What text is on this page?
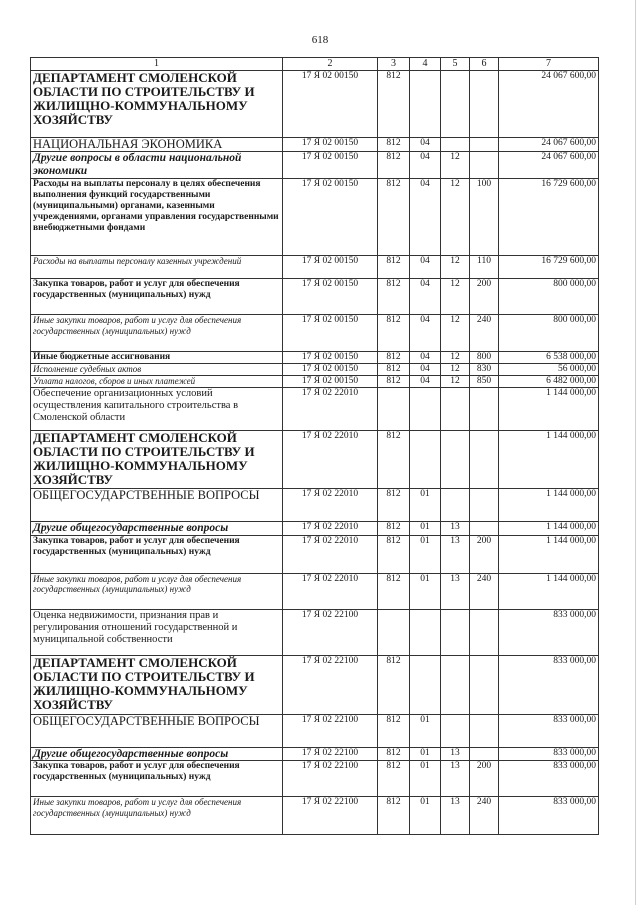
618
1	2	3	4	5	6	7
ДЕПАРТАМЕНТ СМОЛЕНСКОЙ ОБЛАСТИ ПО СТРОИТЕЛЬСТВУ И ЖИЛИЩНО-КОММУНАЛЬНОМУ ХОЗЯЙСТВУ	17 Я 02 00150	812				24 067 600,00
НАЦИОНАЛЬНАЯ ЭКОНОМИКА	17 Я 02 00150	812	04			24 067 600,00
Другие вопросы в области национальной экономики	17 Я 02 00150	812	04	12		24 067 600,00
Расходы на выплаты персоналу в целях обеспечения выполнения функций государственными (муниципальными) органами, казенными учреждениями, органами управления государственными внебюджетными фондами	17 Я 02 00150	812	04	12	100	16 729 600,00
Расходы на выплаты персоналу казенных учреждений	17 Я 02 00150	812	04	12	110	16 729 600,00
Закупка товаров, работ и услуг для обеспечения государственных (муниципальных) нужд	17 Я 02 00150	812	04	12	200	800 000,00
Иные закупки товаров, работ и услуг для обеспечения государственных (муниципальных) нужд	17 Я 02 00150	812	04	12	240	800 000,00
Иные бюджетные ассигнования	17 Я 02 00150	812	04	12	800	6 538 000,00
Исполнение судебных актов	17 Я 02 00150	812	04	12	830	56 000,00
Уплата налогов, сборов и иных платежей	17 Я 02 00150	812	04	12	850	6 482 000,00
Обеспечение организационных условий осуществления капитального строительства в Смоленской области	17 Я 02 22010					1 144 000,00
ДЕПАРТАМЕНТ СМОЛЕНСКОЙ ОБЛАСТИ ПО СТРОИТЕЛЬСТВУ И ЖИЛИЩНО-КОММУНАЛЬНОМУ ХОЗЯЙСТВУ	17 Я 02 22010	812				1 144 000,00
ОБЩЕГОСУДАРСТВЕННЫЕ ВОПРОСЫ	17 Я 02 22010	812	01			1 144 000,00
Другие общегосударственные вопросы	17 Я 02 22010	812	01	13		1 144 000,00
Закупка товаров, работ и услуг для обеспечения государственных (муниципальных) нужд	17 Я 02 22010	812	01	13	200	1 144 000,00
Иные закупки товаров, работ и услуг для обеспечения государственных (муниципальных) нужд	17 Я 02 22010	812	01	13	240	1 144 000,00
Оценка недвижимости, признания прав и регулирования отношений государственной и муниципальной собственности	17 Я 02 22100					833 000,00
ДЕПАРТАМЕНТ СМОЛЕНСКОЙ ОБЛАСТИ ПО СТРОИТЕЛЬСТВУ И ЖИЛИЩНО-КОММУНАЛЬНОМУ ХОЗЯЙСТВУ	17 Я 02 22100	812				833 000,00
ОБЩЕГОСУДАРСТВЕННЫЕ ВОПРОСЫ	17 Я 02 22100	812	01			833 000,00
Другие общегосударственные вопросы	17 Я 02 22100	812	01	13		833 000,00
Закупка товаров, работ и услуг для обеспечения государственных (муниципальных) нужд	17 Я 02 22100	812	01	13	200	833 000,00
Иные закупки товаров, работ и услуг для обеспечения государственных (муниципальных) нужд	17 Я 02 22100	812	01	13	240	833 000,00
